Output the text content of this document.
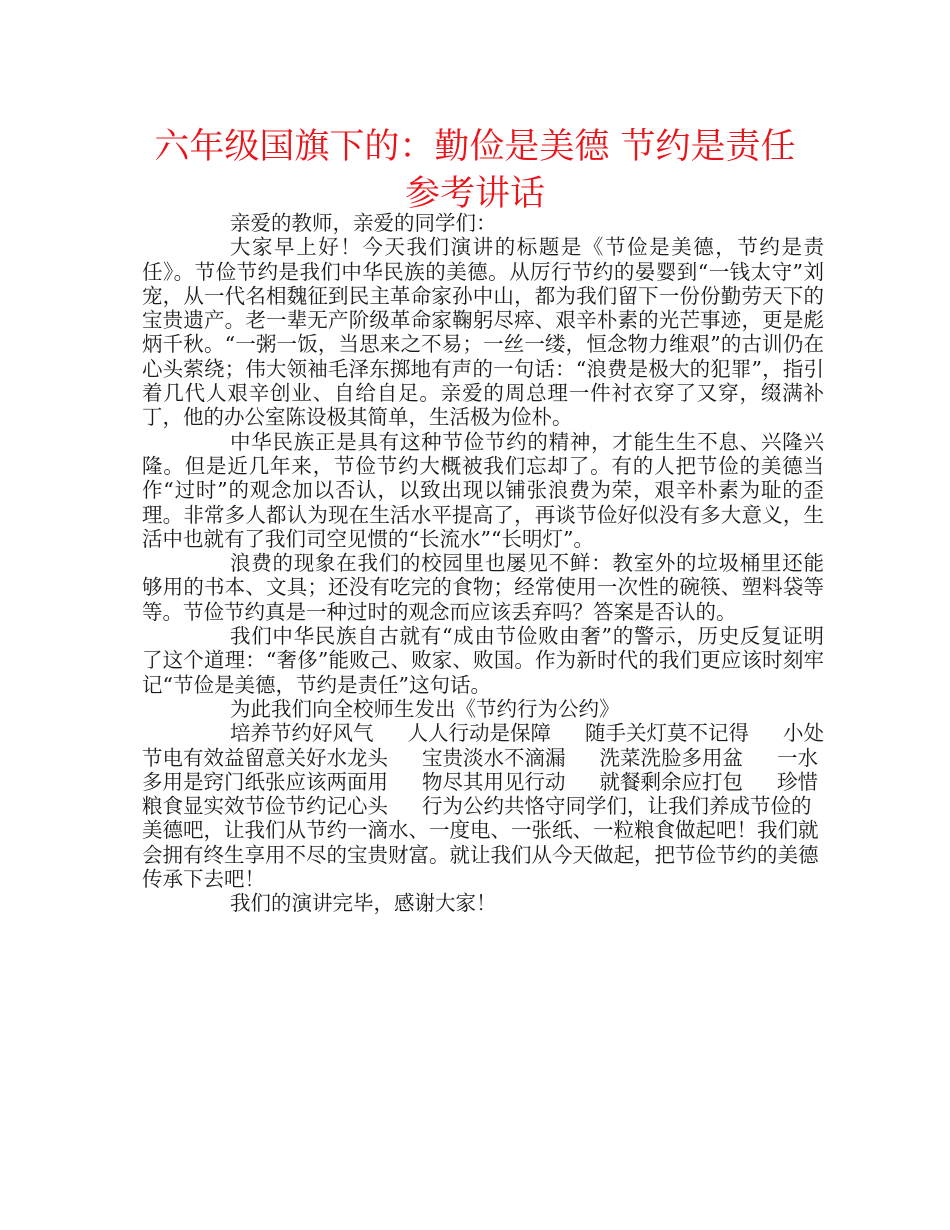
六年级国旗下的：勤俭是美德 节约是责任
参考讲话

亲爱的教师，亲爱的同学们：

大家早上好！今天我们演讲的标题是《节俭是美德，节约是责任》。节俭节约是我们中华民族的美德。从厉行节约的晏婴到“一钱太守”刘宠，从一代名相魏征到民主革命家孙中山，都为我们留下一份份勤劳天下的宝贵遗产。老一辈无产阶级革命家鞠躬尽瘁、艰辛朴素的光芒事迹，更是彪炳千秋。“一粥一饭，当思来之不易；一丝一缕，恒念物力维艰”的古训仍在心头萦绕；伟大领袖毛泽东掷地有声的一句话：“浪费是极大的犯罪”，指引着几代人艰辛创业、自给自足。亲爱的周总理一件衬衣穿了又穿，缀满补丁，他的办公室陈设极其简单，生活极为俭朴。

中华民族正是具有这种节俭节约的精神，才能生生不息、兴隆兴隆。但是近几年来，节俭节约大概被我们忘却了。有的人把节俭的美德当作“过时”的观念加以否认，以致出现以铺张浪费为荣，艰辛朴素为耻的歪理。非常多人都认为现在生活水平提高了，再谈节俭好似没有多大意义，生活中也就有了我们司空见惯的“长流水”“长明灯”。

浪费的现象在我们的校园里也屡见不鲜：教室外的垃圾桶里还能够用的书本、文具；还没有吃完的食物；经常使用一次性的碗筷、塑料袋等等。节俭节约真是一种过时的观念而应该丢弃吗？答案是否认的。

我们中华民族自古就有“成由节俭败由奢”的警示，历史反复证明了这个道理：“奢侈”能败己、败家、败国。作为新时代的我们更应该时刻牢记“节俭是美德，节约是责任”这句话。

为此我们向全校师生发出《节约行为公约》

培养节约好风气 人人行动是保障 随手关灯莫不记得 小处节电有效益留意关好水龙头 宝贵淡水不滴漏 洗菜洗脸多用盆 一水多用是窍门纸张应该两面用 物尽其用见行动 就餐剩余应打包 珍惜粮食显实效节俭节约记心头 行为公约共恪守同学们，让我们养成节俭的美德吧，让我们从节约一滴水、一度电、一张纸、一粒粮食做起吧！我们就会拥有终生享用不尽的宝贵财富。就让我们从今天做起，把节俭节约的美德传承下去吧！

我们的演讲完毕，感谢大家！
